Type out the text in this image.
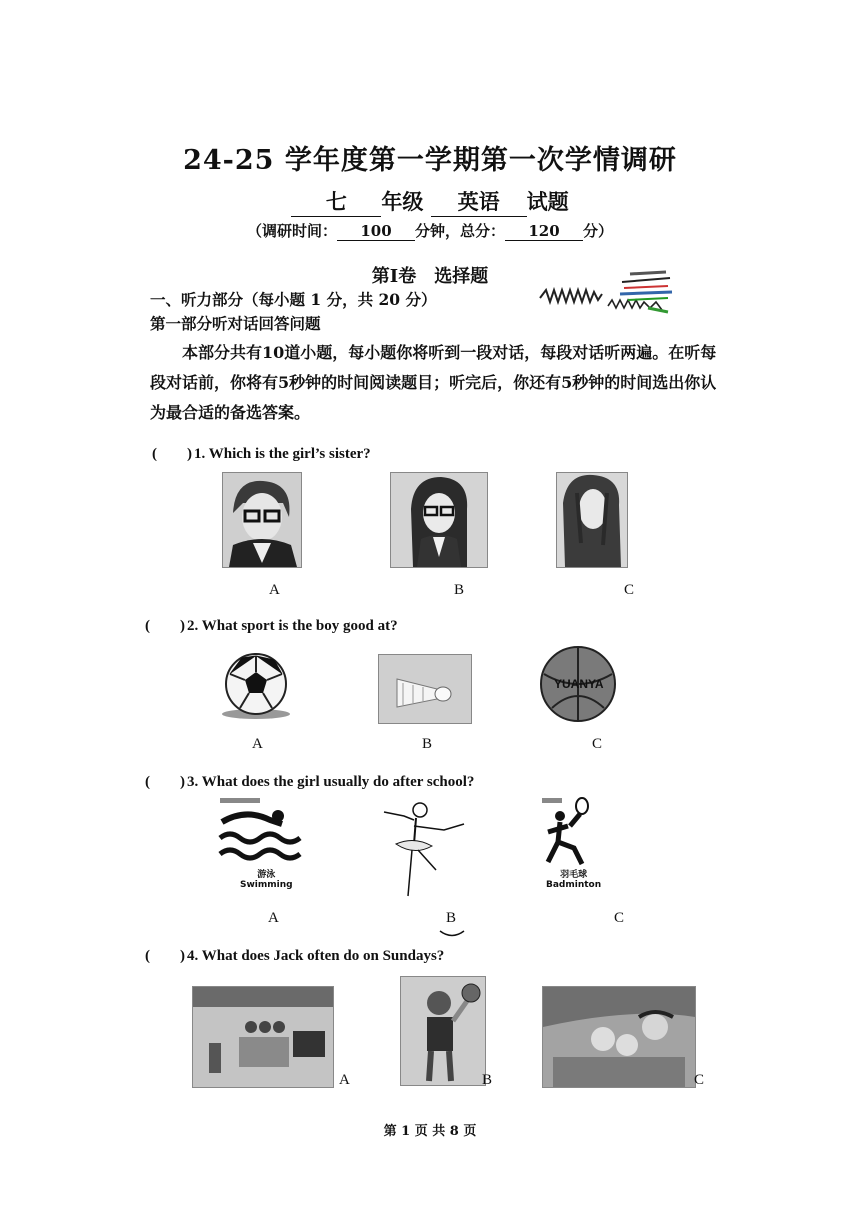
24-25 学年度第一学期第一次学情调研
七 年级 英语 试题
（调研时间： 100 分钟，总分： 120 分）
第Ⅰ卷　选择题
一、听力部分（每小题 1 分，共 20 分）
第一部分听对话回答问题
本部分共有10道小题，每小题你将听到一段对话，每段对话听两遍。在听每段对话前，你将有5秒钟的时间阅读题目；听完后，你还有5秒钟的时间选出你认为最合适的备选答案。
(　　) 1. Which is the girl’s sister?
A	B	C
(　　) 2. What sport is the boy good at?
YUANYA
A	B	C
(　　) 3. What does the girl usually do after school?
游泳
Swimming
羽毛球
Badminton
A	B	C
(　　) 4. What does Jack often do on Sundays?
A	B	C
第 1 页 共 8 页
